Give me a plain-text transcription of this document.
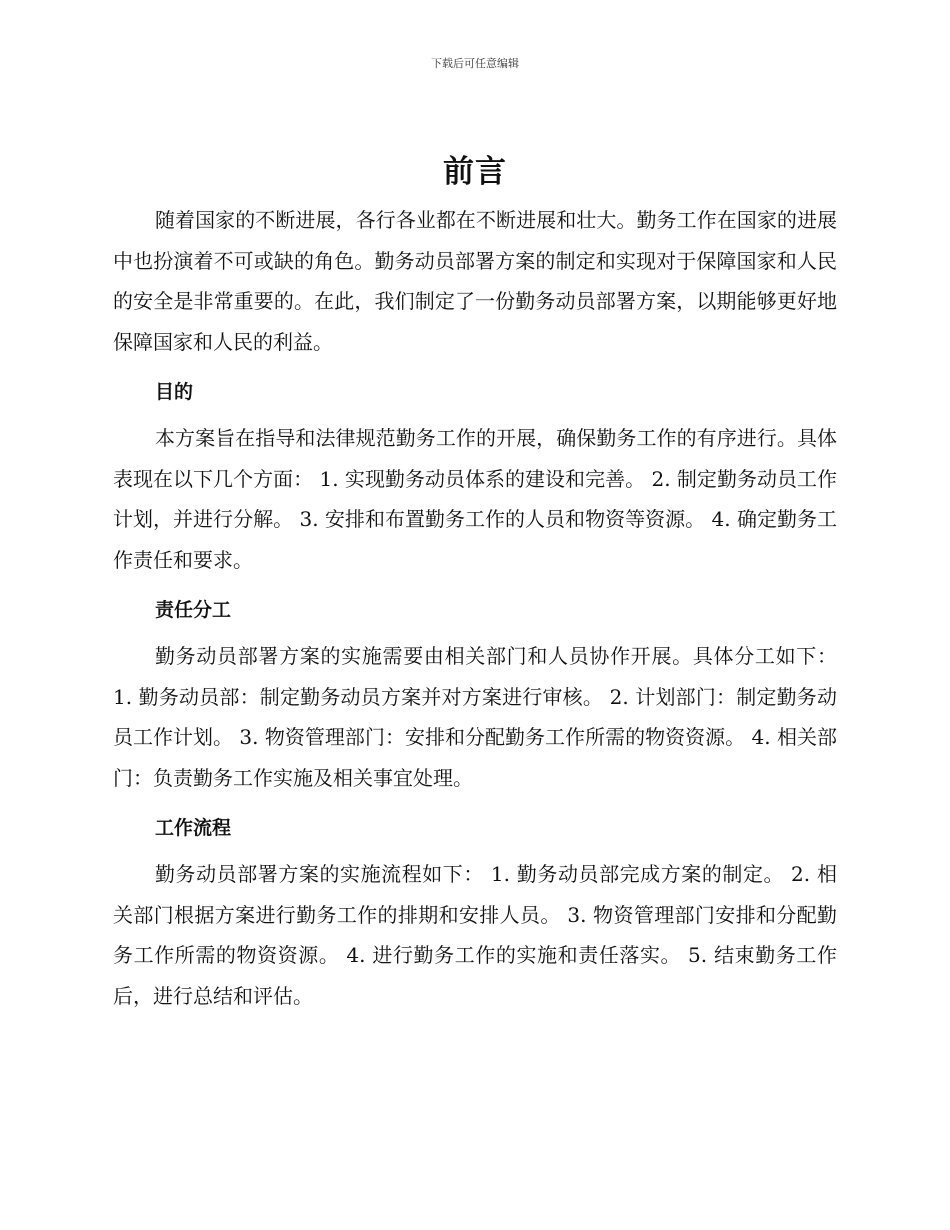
下载后可任意编辑
前言

随着国家的不断进展，各行各业都在不断进展和壮大。勤务工作在国家的进展中也扮演着不可或缺的角色。勤务动员部署方案的制定和实现对于保障国家和人民的安全是非常重要的。在此，我们制定了一份勤务动员部署方案，以期能够更好地保障国家和人民的利益。

目的

本方案旨在指导和法律规范勤务工作的开展，确保勤务工作的有序进行。具体表现在以下几个方面： 1. 实现勤务动员体系的建设和完善。 2. 制定勤务动员工作计划，并进行分解。 3. 安排和布置勤务工作的人员和物资等资源。 4. 确定勤务工作责任和要求。

责任分工

勤务动员部署方案的实施需要由相关部门和人员协作开展。具体分工如下： 1. 勤务动员部：制定勤务动员方案并对方案进行审核。 2. 计划部门：制定勤务动员工作计划。 3. 物资管理部门：安排和分配勤务工作所需的物资资源。 4. 相关部门：负责勤务工作实施及相关事宜处理。

工作流程

勤务动员部署方案的实施流程如下： 1. 勤务动员部完成方案的制定。 2. 相关部门根据方案进行勤务工作的排期和安排人员。 3. 物资管理部门安排和分配勤务工作所需的物资资源。 4. 进行勤务工作的实施和责任落实。 5. 结束勤务工作后，进行总结和评估。
